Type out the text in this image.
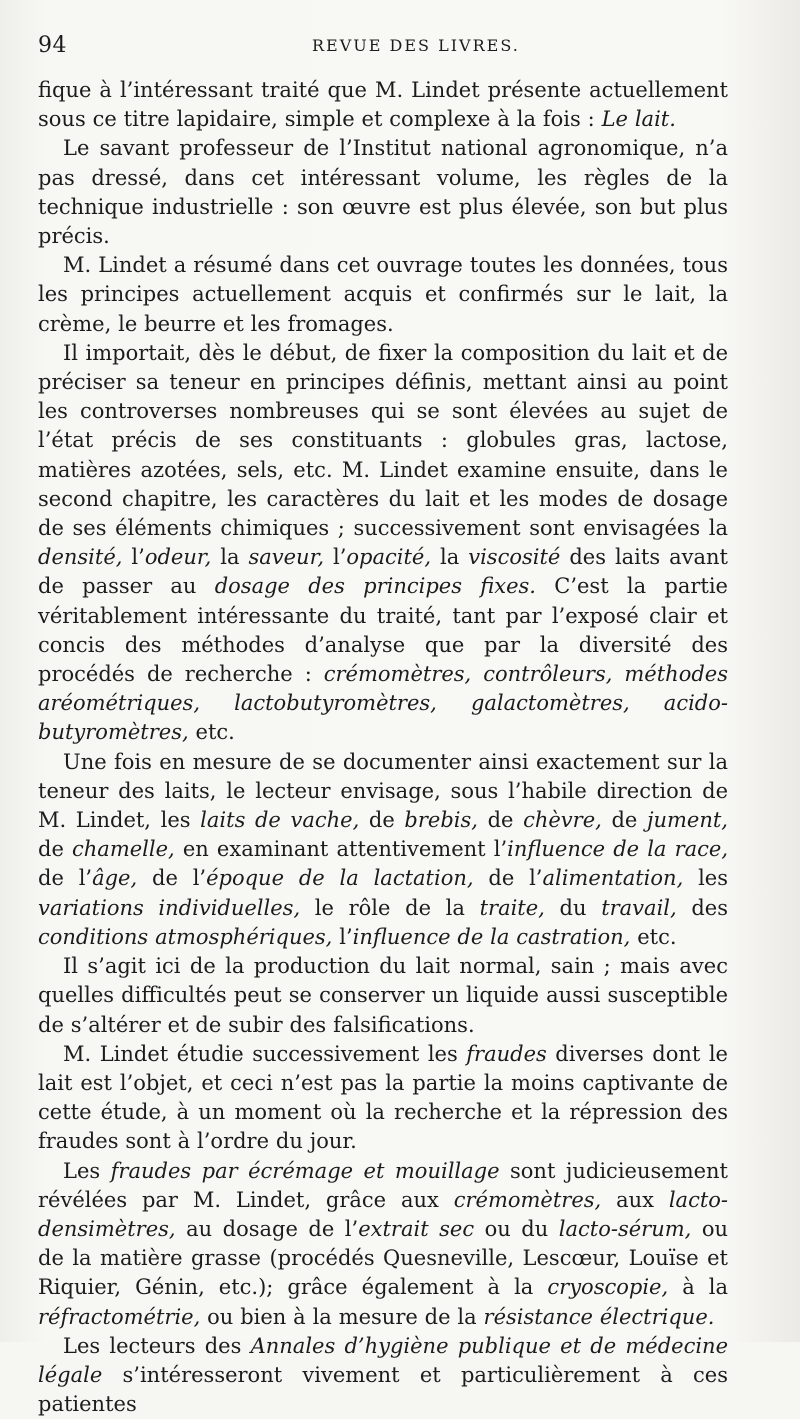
94	REVUE DES LIVRES.

fique à l’intéressant traité que M. Lindet présente actuellement sous ce titre lapidaire, simple et complexe à la fois : Le lait.

Le savant professeur de l’Institut national agronomique, n’a pas dressé, dans cet intéressant volume, les règles de la technique industrielle : son œuvre est plus élevée, son but plus précis.

M. Lindet a résumé dans cet ouvrage toutes les données, tous les principes actuellement acquis et confirmés sur le lait, la crème, le beurre et les fromages.

Il importait, dès le début, de fixer la composition du lait et de préciser sa teneur en principes définis, mettant ainsi au point les controverses nombreuses qui se sont élevées au sujet de l’état précis de ses constituants : globules gras, lactose, matières azotées, sels, etc. M. Lindet examine ensuite, dans le second chapitre, les caractères du lait et les modes de dosage de ses éléments chimiques ; successivement sont envisagées la densité, l’odeur, la saveur, l’opacité, la viscosité des laits avant de passer au dosage des principes fixes. C’est la partie véritablement intéressante du traité, tant par l’exposé clair et concis des méthodes d’analyse que par la diversité des procédés de recherche : crémomètres, contrôleurs, méthodes aréométriques, lactobutyromètres, galactomètres, acido-butyromètres, etc.

Une fois en mesure de se documenter ainsi exactement sur la teneur des laits, le lecteur envisage, sous l’habile direction de M. Lindet, les laits de vache, de brebis, de chèvre, de jument, de chamelle, en examinant attentivement l’influence de la race, de l’âge, de l’époque de la lactation, de l’alimentation, les variations individuelles, le rôle de la traite, du travail, des conditions atmosphériques, l’influence de la castration, etc.

Il s’agit ici de la production du lait normal, sain ; mais avec quelles difficultés peut se conserver un liquide aussi susceptible de s’altérer et de subir des falsifications.

M. Lindet étudie successivement les fraudes diverses dont le lait est l’objet, et ceci n’est pas la partie la moins captivante de cette étude, à un moment où la recherche et la répression des fraudes sont à l’ordre du jour.

Les fraudes par écrémage et mouillage sont judicieusement révélées par M. Lindet, grâce aux crémomètres, aux lacto-densimètres, au dosage de l’extrait sec ou du lacto-sérum, ou de la matière grasse (procédés Quesneville, Lescœur, Louïse et Riquier, Génin, etc.); grâce également à la cryoscopie, à la réfractométrie, ou bien à la mesure de la résistance électrique.

Les lecteurs des Annales d’hygiène publique et de médecine légale s’intéresseront vivement et particulièrement à ces patientes
